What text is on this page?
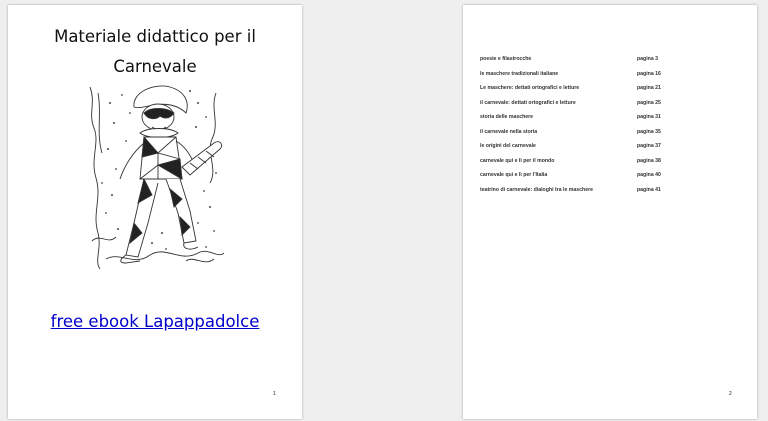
Materiale didattico per il
Carnevale
free ebook Lapappadolce
1
poesie e filastrocche	pagina 3
le maschere tradizionali italiane	pagina 16
Le maschere: dettati ortografici e letture	pagina 21
il carnevale: dettati ortografici e letture	pagina 25
storia delle maschere	pagina 31
il carnevale nella storia	pagina 35
le origini del carnevale	pagina 37
carnevale qui e lì per il mondo	pagina 38
carnevale qui e lì per l'Italia	pagina 40
teatrino di carnevale: dialoghi tra le maschere	pagina 41
2
